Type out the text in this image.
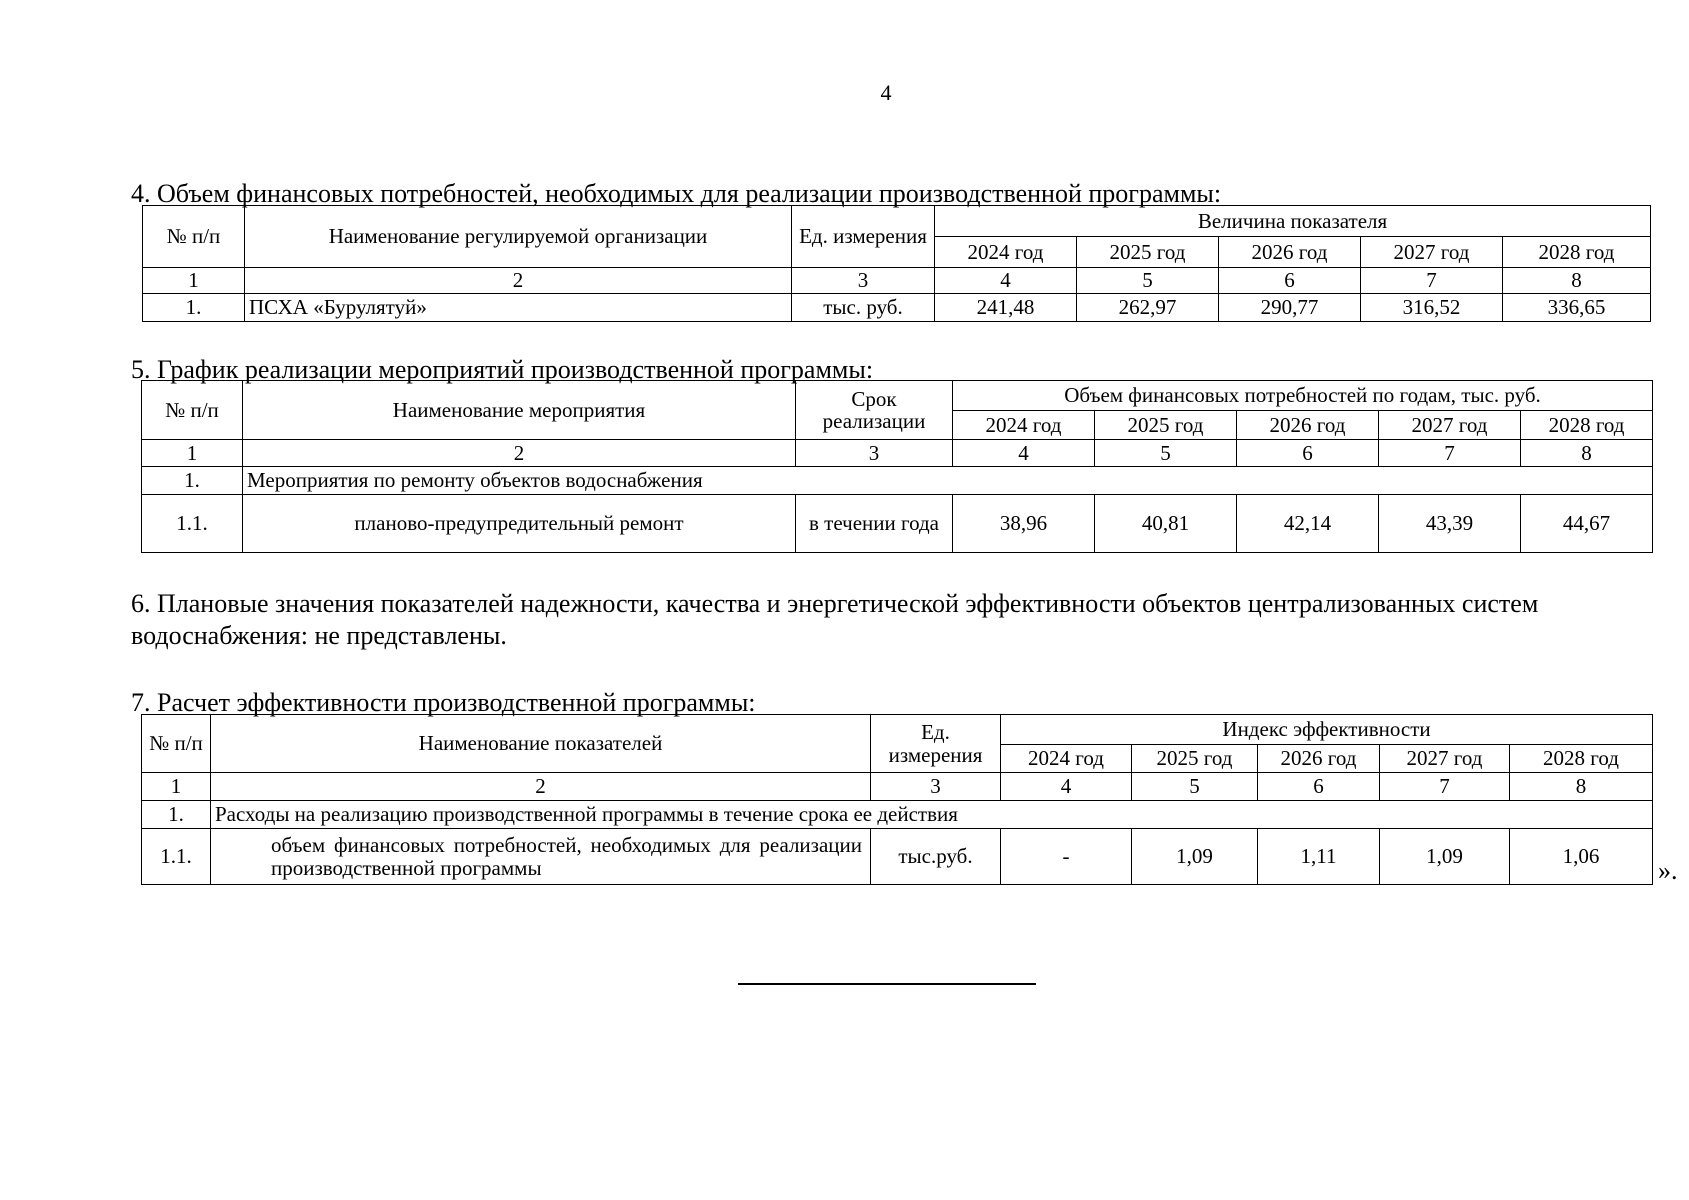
4
4. Объем финансовых потребностей, необходимых для реализации производственной программы:
№ п/п	Наименование регулируемой организации	Ед. измерения	Величина показателя				
			2024 год	2025 год	2026 год	2027 год	2028 год
1	2	3	4	5	6	7	8
1.	ПСХА «Бурулятуй»	тыс. руб.	241,48	262,97	290,77	316,52	336,65
5. График реализации мероприятий производственной программы:
№ п/п	Наименование мероприятия	Срок реализации	Объем финансовых потребностей по годам, тыс. руб.				
			2024 год	2025 год	2026 год	2027 год	2028 год
1	2	3	4	5	6	7	8
1.	Мероприятия по ремонту объектов водоснабжения						
1.1.	планово-предупредительный ремонт	в течении года	38,96	40,81	42,14	43,39	44,67
6. Плановые значения показателей надежности, качества и энергетической эффективности объектов централизованных систем водоснабжения: не представлены.
7. Расчет эффективности производственной программы:
№ п/п	Наименование показателей	Ед. измерения	Индекс эффективности				
			2024 год	2025 год	2026 год	2027 год	2028 год
1	2	3	4	5	6	7	8
1.	Расходы на реализацию производственной программы в течение срока ее действия						
1.1.	объем финансовых потребностей, необходимых для реализации производственной программы	тыс.руб.	-	1,09	1,11	1,09	1,06 ».
